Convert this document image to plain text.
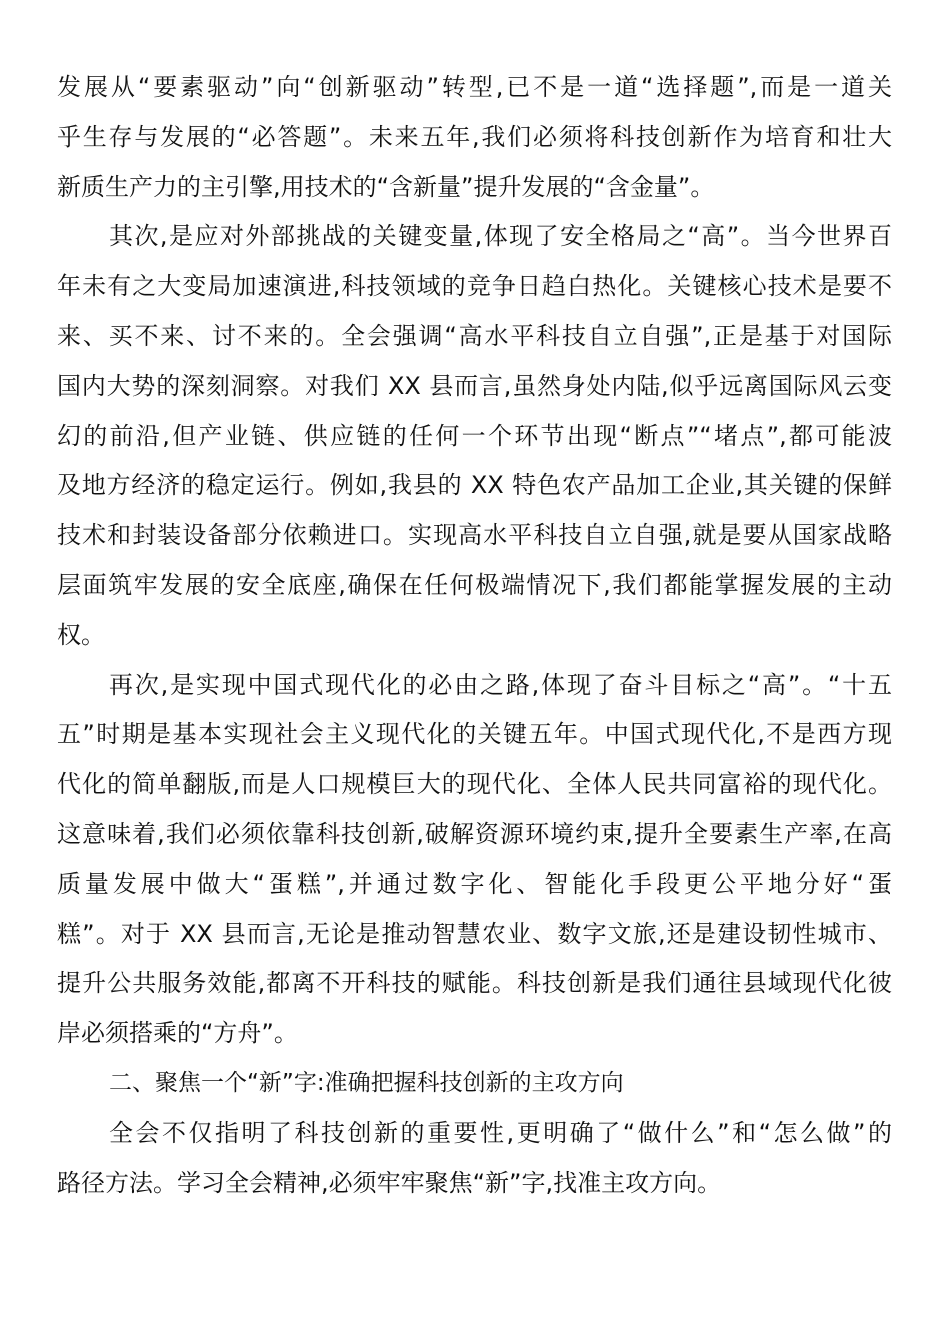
发展从“要素驱动”向“创新驱动”转型,已不是一道“选择题”,而是一道关
乎生存与发展的“必答题”。未来五年,我们必须将科技创新作为培育和壮大
新质生产力的主引擎,用技术的“含新量”提升发展的“含金量”。
其次,是应对外部挑战的关键变量,体现了安全格局之“高”。当今世界百
年未有之大变局加速演进,科技领域的竞争日趋白热化。关键核心技术是要不
来、买不来、讨不来的。全会强调“高水平科技自立自强”,正是基于对国际
国内大势的深刻洞察。对我们 XX 县而言,虽然身处内陆,似乎远离国际风云变
幻的前沿,但产业链、供应链的任何一个环节出现“断点”“堵点”,都可能波
及地方经济的稳定运行。例如,我县的 XX 特色农产品加工企业,其关键的保鲜
技术和封装设备部分依赖进口。实现高水平科技自立自强,就是要从国家战略
层面筑牢发展的安全底座,确保在任何极端情况下,我们都能掌握发展的主动
权。
再次,是实现中国式现代化的必由之路,体现了奋斗目标之“高”。“十五
五”时期是基本实现社会主义现代化的关键五年。中国式现代化,不是西方现
代化的简单翻版,而是人口规模巨大的现代化、全体人民共同富裕的现代化。
这意味着,我们必须依靠科技创新,破解资源环境约束,提升全要素生产率,在高
质量发展中做大“蛋糕”,并通过数字化、智能化手段更公平地分好“蛋
糕”。对于 XX 县而言,无论是推动智慧农业、数字文旅,还是建设韧性城市、
提升公共服务效能,都离不开科技的赋能。科技创新是我们通往县域现代化彼
岸必须搭乘的“方舟”。
二、聚焦一个“新”字:准确把握科技创新的主攻方向
全会不仅指明了科技创新的重要性,更明确了“做什么”和“怎么做”的
路径方法。学习全会精神,必须牢牢聚焦“新”字,找准主攻方向。
